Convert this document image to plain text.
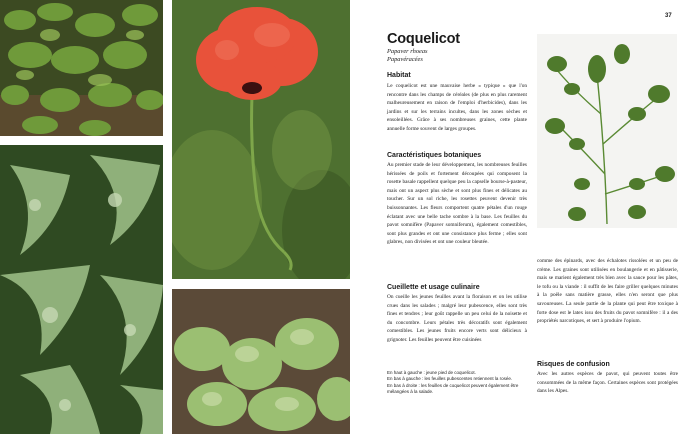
37
Coquelicot
Papaver rhoeas
Papavéracées
Habitat
Le coquelicot est une mauvaise herbe « typique » que l'on rencontre dans les champs de céréales (de plus en plus rarement malheureusement en raison de l'emploi d'herbicides), dans les jardins et sur les terrains incultes, dans les zones sèches et ensoleillées. Grâce à ses nombreuses graines, cette plante annuelle forme souvent de larges groupes.
Caractéristiques botaniques
Au premier stade de leur développement, les nombreuses feuilles hérissées de poils et fortement découpées qui composent la rosette basale rappellent quelque peu la capselle bourse-à-pasteur, mais ont un aspect plus sèche et sont plus fines et délicates au toucher. Sur un sol riche, les rosettes peuvent devenir très buissonnantes. Les fleurs comportent quatre pétales d'un rouge éclatant avec une belle tache sombre à la base. Les feuilles du pavot somnifère (Papaver somniferum), également comestibles, sont plus grandes et ont une consistance plus ferme ; elles sont glabres, non divisées et ont une couleur bleutée.
Cueillette et usage culinaire
On cueille les jeunes feuilles avant la floraison et on les utilise crues dans les salades ; malgré leur pubescence, elles sont très fines et tendres ; leur goût rappelle un peu celui de la noisette et du concombre. Leurs pétales très décoratifs sont également comestibles. Les jeunes fruits encore verts sont délicieux à grignoter. Les feuilles peuvent être cuisinées
comme des épinards, avec des échalotes rissolées et un peu de crème. Les graines sont utilisées en boulangerie et en pâtisserie, mais se marient également très bien avec la sauce pour les pâtes, le tofu ou la viande : il suffit de les faire griller quelques minutes à la poêle sans matière grasse, elles n'en seront que plus savoureuses. La seule partie de la plante qui peut être toxique à forte dose est le latex issu des fruits du pavot somnifère : il a des propriétés narcotiques, et sert à produire l'opium.
Risques de confusion
Avec les autres espèces de pavot, qui peuvent toutes être consommées de la même façon. Certaines espèces sont protégées dans les Alpes.
En haut à gauche : jeune pied de coquelicot.
En bas à gauche : les feuilles pubescentes retiennent la rosée.
En bas à droite : les feuilles de coquelicot peuvent également être mélangées à la salade.
